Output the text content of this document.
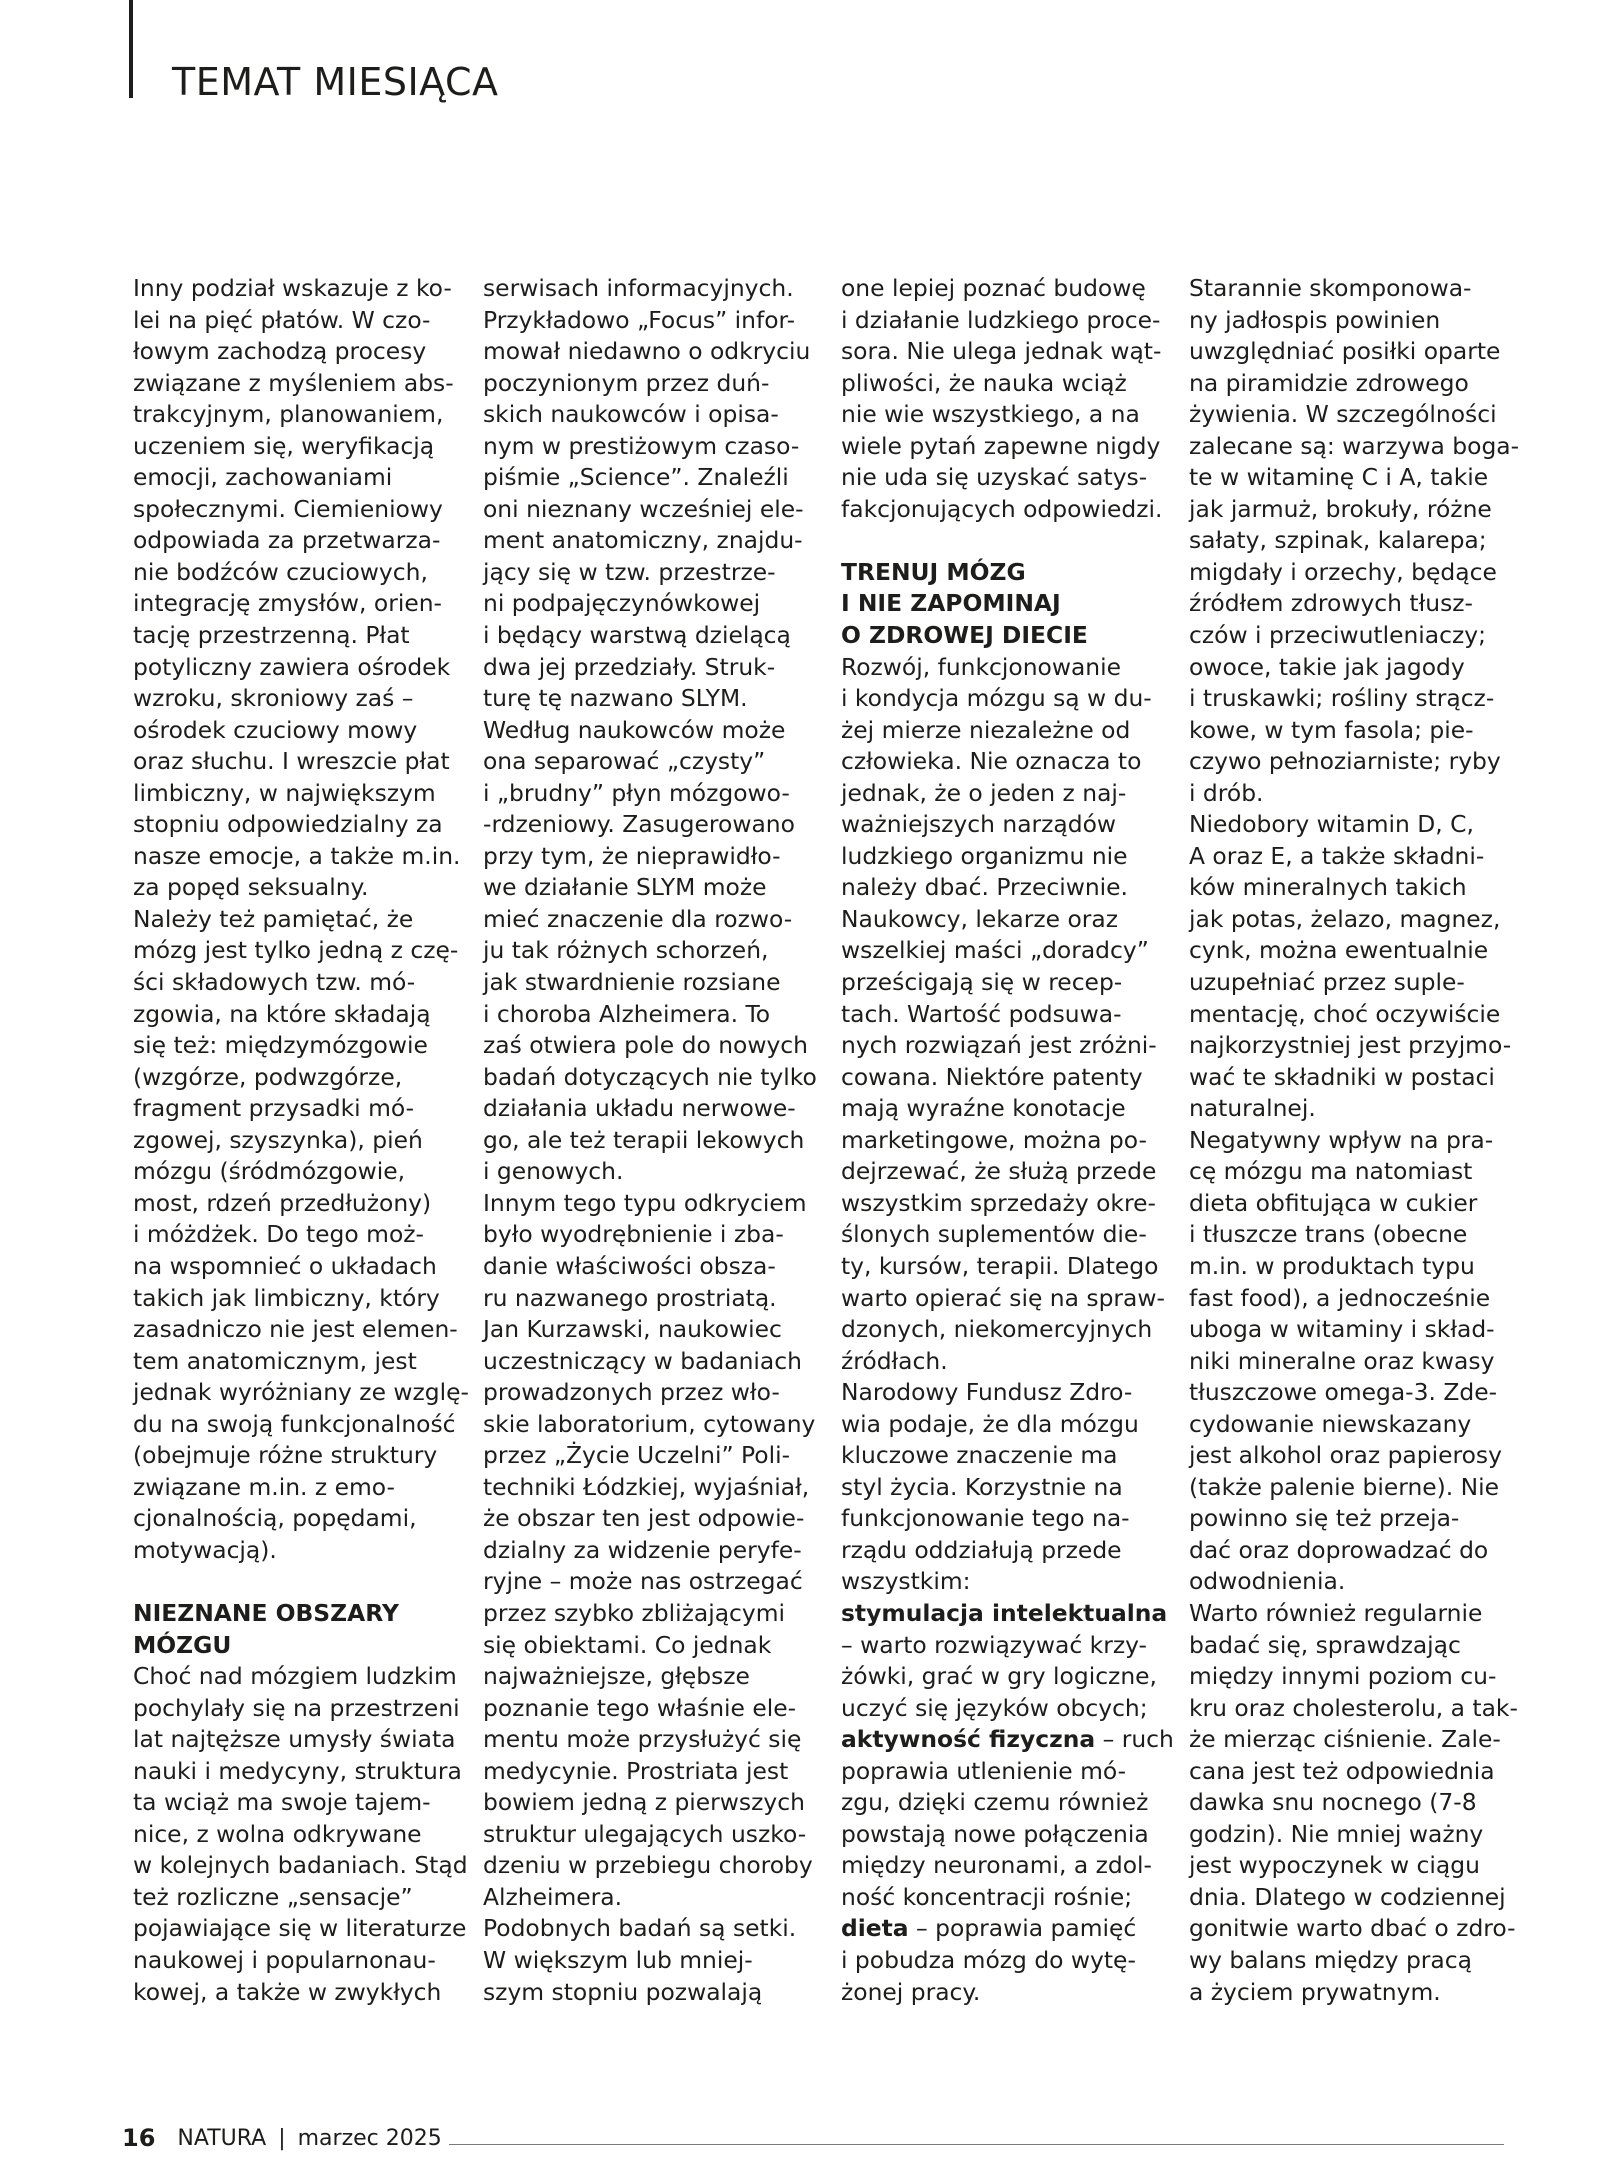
TEMAT MIESIĄCA
Inny podział wskazuje z ko-
lei na pięć płatów. W czo-
łowym zachodzą procesy
związane z myśleniem abs-
trakcyjnym, planowaniem,
uczeniem się, weryfikacją
emocji, zachowaniami
społecznymi. Ciemieniowy
odpowiada za przetwarza-
nie bodźców czuciowych,
integrację zmysłów, orien-
tację przestrzenną. Płat
potyliczny zawiera ośrodek
wzroku, skroniowy zaś –
ośrodek czuciowy mowy
oraz słuchu. I wreszcie płat
limbiczny, w największym
stopniu odpowiedzialny za
nasze emocje, a także m.in.
za popęd seksualny.
Należy też pamiętać, że
mózg jest tylko jedną z czę-
ści składowych tzw. mó-
zgowia, na które składają
się też: międzymózgowie
(wzgórze, podwzgórze,
fragment przysadki mó-
zgowej, szyszynka), pień
mózgu (śródmózgowie,
most, rdzeń przedłużony)
i móżdżek. Do tego moż-
na wspomnieć o układach
takich jak limbiczny, który
zasadniczo nie jest elemen-
tem anatomicznym, jest
jednak wyróżniany ze wzglę-
du na swoją funkcjonalność
(obejmuje różne struktury
związane m.in. z emo-
cjonalnością, popędami,
motywacją).
NIEZNANE OBSZARY
MÓZGU
Choć nad mózgiem ludzkim
pochylały się na przestrzeni
lat najtęższe umysły świata
nauki i medycyny, struktura
ta wciąż ma swoje tajem-
nice, z wolna odkrywane
w kolejnych badaniach. Stąd
też rozliczne „sensacje”
pojawiające się w literaturze
naukowej i popularnonau-
kowej, a także w zwykłych
serwisach informacyjnych.
Przykładowo „Focus” infor-
mował niedawno o odkryciu
poczynionym przez duń-
skich naukowców i opisa-
nym w prestiżowym czaso-
piśmie „Science”. Znaleźli
oni nieznany wcześniej ele-
ment anatomiczny, znajdu-
jący się w tzw. przestrze-
ni podpajęczynówkowej
i będący warstwą dzielącą
dwa jej przedziały. Struk-
turę tę nazwano SLYM.
Według naukowców może
ona separować „czysty”
i „brudny” płyn mózgowo-
-rdzeniowy. Zasugerowano
przy tym, że nieprawidło-
we działanie SLYM może
mieć znaczenie dla rozwo-
ju tak różnych schorzeń,
jak stwardnienie rozsiane
i choroba Alzheimera. To
zaś otwiera pole do nowych
badań dotyczących nie tylko
działania układu nerwowe-
go, ale też terapii lekowych
i genowych.
Innym tego typu odkryciem
było wyodrębnienie i zba-
danie właściwości obsza-
ru nazwanego prostriatą.
Jan Kurzawski, naukowiec
uczestniczący w badaniach
prowadzonych przez wło-
skie laboratorium, cytowany
przez „Życie Uczelni” Poli-
techniki Łódzkiej, wyjaśniał,
że obszar ten jest odpowie-
dzialny za widzenie peryfe-
ryjne – może nas ostrzegać
przez szybko zbliżającymi
się obiektami. Co jednak
najważniejsze, głębsze
poznanie tego właśnie ele-
mentu może przysłużyć się
medycynie. Prostriata jest
bowiem jedną z pierwszych
struktur ulegających uszko-
dzeniu w przebiegu choroby
Alzheimera.
Podobnych badań są setki.
W większym lub mniej-
szym stopniu pozwalają
one lepiej poznać budowę
i działanie ludzkiego proce-
sora. Nie ulega jednak wąt-
pliwości, że nauka wciąż
nie wie wszystkiego, a na
wiele pytań zapewne nigdy
nie uda się uzyskać satys-
fakcjonujących odpowiedzi.
TRENUJ MÓZG
I NIE ZAPOMINAJ
O ZDROWEJ DIECIE
Rozwój, funkcjonowanie
i kondycja mózgu są w du-
żej mierze niezależne od
człowieka. Nie oznacza to
jednak, że o jeden z naj-
ważniejszych narządów
ludzkiego organizmu nie
należy dbać. Przeciwnie.
Naukowcy, lekarze oraz
wszelkiej maści „doradcy”
prześcigają się w recep-
tach. Wartość podsuwa-
nych rozwiązań jest zróżni-
cowana. Niektóre patenty
mają wyraźne konotacje
marketingowe, można po-
dejrzewać, że służą przede
wszystkim sprzedaży okre-
ślonych suplementów die-
ty, kursów, terapii. Dlatego
warto opierać się na spraw-
dzonych, niekomercyjnych
źródłach.
Narodowy Fundusz Zdro-
wia podaje, że dla mózgu
kluczowe znaczenie ma
styl życia. Korzystnie na
funkcjonowanie tego na-
rządu oddziałują przede
wszystkim:
stymulacja intelektualna
– warto rozwiązywać krzy-
żówki, grać w gry logiczne,
uczyć się języków obcych;
aktywność fizyczna – ruch
poprawia utlenienie mó-
zgu, dzięki czemu również
powstają nowe połączenia
między neuronami, a zdol-
ność koncentracji rośnie;
dieta – poprawia pamięć
i pobudza mózg do wytę-
żonej pracy.
Starannie skomponowa-
ny jadłospis powinien
uwzględniać posiłki oparte
na piramidzie zdrowego
żywienia. W szczególności
zalecane są: warzywa boga-
te w witaminę C i A, takie
jak jarmuż, brokuły, różne
sałaty, szpinak, kalarepa;
migdały i orzechy, będące
źródłem zdrowych tłusz-
czów i przeciwutleniaczy;
owoce, takie jak jagody
i truskawki; rośliny strącz-
kowe, w tym fasola; pie-
czywo pełnoziarniste; ryby
i drób.
Niedobory witamin D, C,
A oraz E, a także składni-
ków mineralnych takich
jak potas, żelazo, magnez,
cynk, można ewentualnie
uzupełniać przez suple-
mentację, choć oczywiście
najkorzystniej jest przyjmo-
wać te składniki w postaci
naturalnej.
Negatywny wpływ na pra-
cę mózgu ma natomiast
dieta obfitująca w cukier
i tłuszcze trans (obecne
m.in. w produktach typu
fast food), a jednocześnie
uboga w witaminy i skład-
niki mineralne oraz kwasy
tłuszczowe omega-3. Zde-
cydowanie niewskazany
jest alkohol oraz papierosy
(także palenie bierne). Nie
powinno się też przeja-
dać oraz doprowadzać do
odwodnienia.
Warto również regularnie
badać się, sprawdzając
między innymi poziom cu-
kru oraz cholesterolu, a tak-
że mierząc ciśnienie. Zale-
cana jest też odpowiednia
dawka snu nocnego (7-8
godzin). Nie mniej ważny
jest wypoczynek w ciągu
dnia. Dlatego w codziennej
gonitwie warto dbać o zdro-
wy balans między pracą
a życiem prywatnym.
16 NATURA | marzec 2025
